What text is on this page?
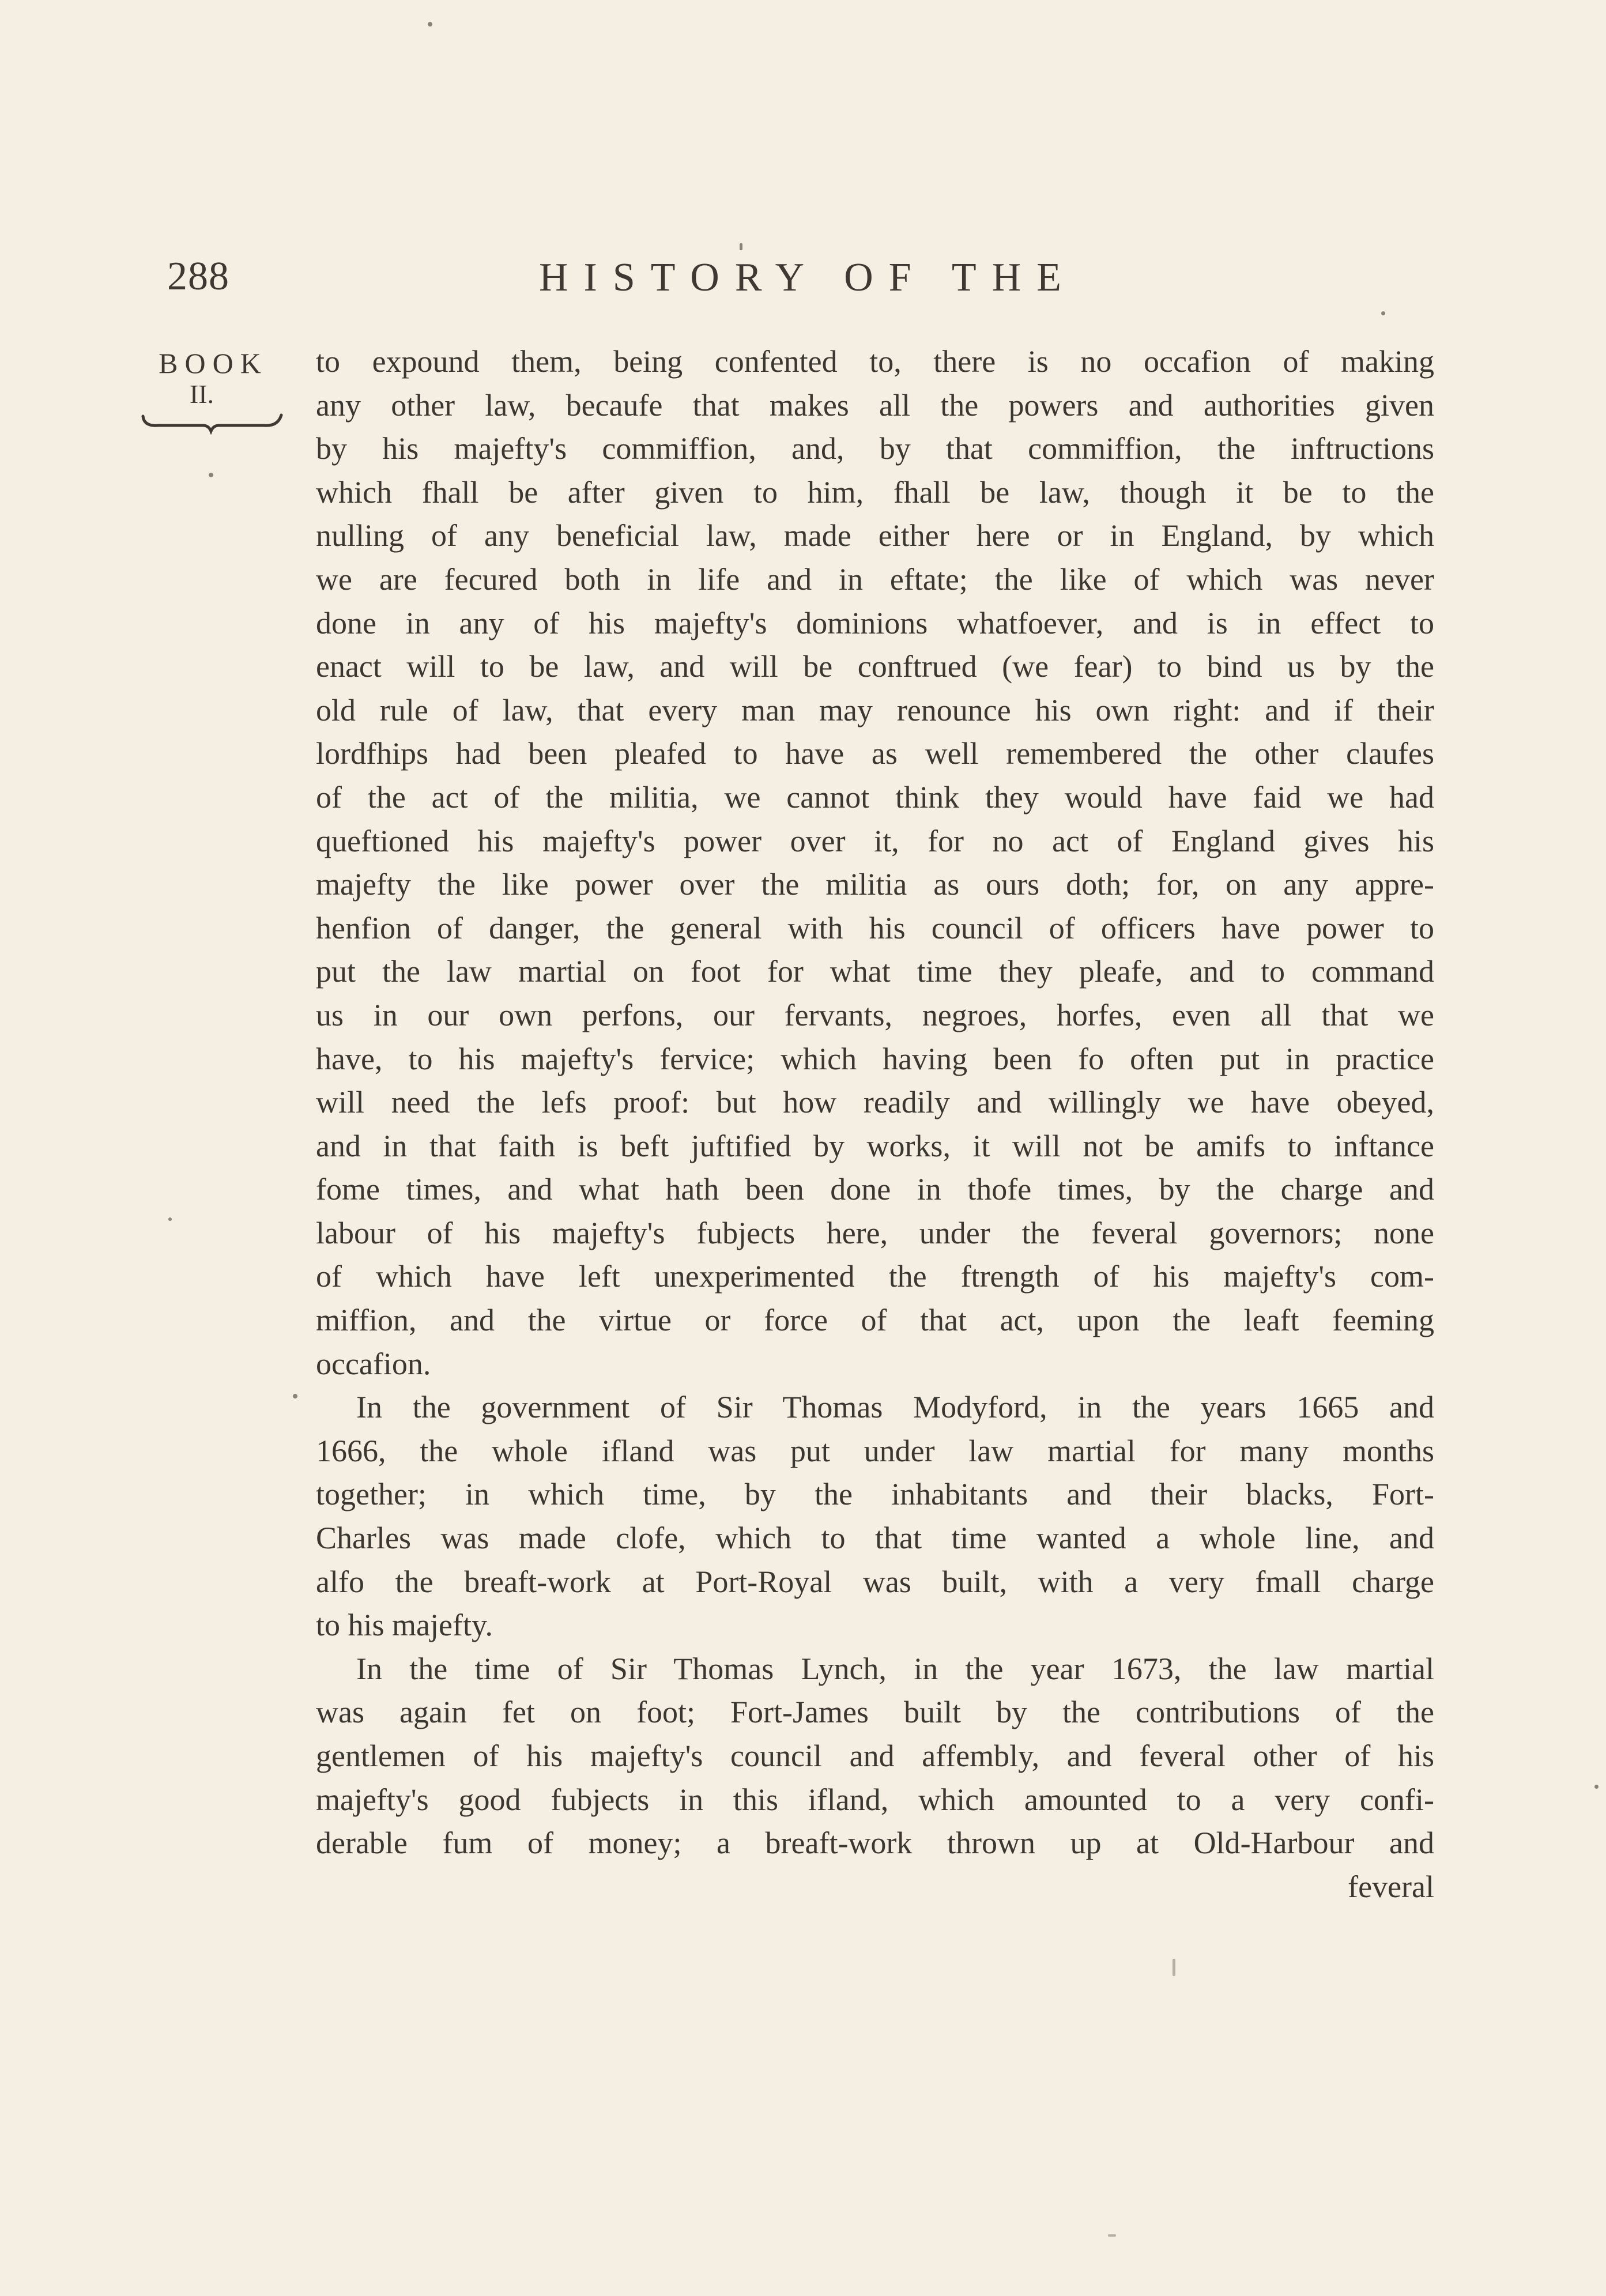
288	HISTORY OF THE
BOOK
II.

to expound them, being confented to, there is no occafion of making

any other law, becaufe that makes all the powers and authorities given

by his majefty's commiffion, and, by that commiffion, the inftructions

which fhall be after given to him, fhall be law, though it be to the

nulling of any beneficial law, made either here or in England, by which

we are fecured both in life and in eftate; the like of which was never

done in any of his majefty's dominions whatfoever, and is in effect to

enact will to be law, and will be conftrued (we fear) to bind us by the

old rule of law, that every man may renounce his own right: and if their

lordfhips had been pleafed to have as well remembered the other claufes

of the act of the militia, we cannot think they would have faid we had

queftioned his majefty's power over it, for no act of England gives his

majefty the like power over the militia as ours doth; for, on any appre-

henfion of danger, the general with his council of officers have power to

put the law martial on foot for what time they pleafe, and to command

us in our own perfons, our fervants, negroes, horfes, even all that we

have, to his majefty's fervice; which having been fo often put in practice

will need the lefs proof: but how readily and willingly we have obeyed,

and in that faith is beft juftified by works, it will not be amifs to inftance

fome times, and what hath been done in thofe times, by the charge and

labour of his majefty's fubjects here, under the feveral governors; none

of which have left unexperimented the ftrength of his majefty's com-

miffion, and the virtue or force of that act, upon the leaft feeming

occafion.

In the government of Sir Thomas Modyford, in the years 1665 and

1666, the whole ifland was put under law martial for many months

together; in which time, by the inhabitants and their blacks, Fort-

Charles was made clofe, which to that time wanted a whole line, and

alfo the breaft-work at Port-Royal was built, with a very fmall charge

to his majefty.

In the time of Sir Thomas Lynch, in the year 1673, the law martial

was again fet on foot; Fort-James built by the contributions of the

gentlemen of his majefty's council and affembly, and feveral other of his

majefty's good fubjects in this ifland, which amounted to a very confi-

derable fum of money; a breaft-work thrown up at Old-Harbour and

feveral
